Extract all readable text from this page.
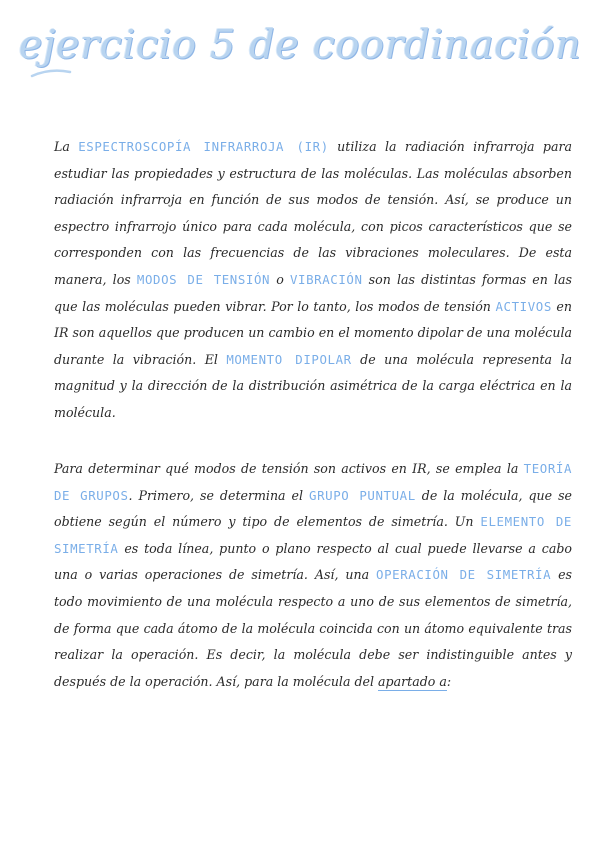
ejercicio 5 de coordinación

La ESPECTROSCOPÍA INFRARROJA (IR) utiliza la radiación infrarroja para estudiar las propiedades y estructura de las moléculas. Las moléculas absorben radiación infrarroja en función de sus modos de tensión. Así, se produce un espectro infrarrojo único para cada molécula, con picos característicos que se corresponden con las frecuencias de las vibraciones moleculares. De esta manera, los MODOS DE TENSIÓN o VIBRACIÓN son las distintas formas en las que las moléculas pueden vibrar. Por lo tanto, los modos de tensión ACTIVOS en IR son aquellos que producen un cambio en el momento dipolar de una molécula durante la vibración. El MOMENTO DIPOLAR de una molécula representa la magnitud y la dirección de la distribución asimétrica de la carga eléctrica en la molécula.

Para determinar qué modos de tensión son activos en IR, se emplea la TEORÍA DE GRUPOS. Primero, se determina el GRUPO PUNTUAL de la molécula, que se obtiene según el número y tipo de elementos de simetría. Un ELEMENTO DE SIMETRÍA es toda línea, punto o plano respecto al cual puede llevarse a cabo una o varias operaciones de simetría. Así, una OPERACIÓN DE SIMETRÍA es todo movimiento de una molécula respecto a uno de sus elementos de simetría, de forma que cada átomo de la molécula coincida con un átomo equivalente tras realizar la operación. Es decir, la molécula debe ser indistinguible antes y después de la operación. Así, para la molécula del apartado a:
